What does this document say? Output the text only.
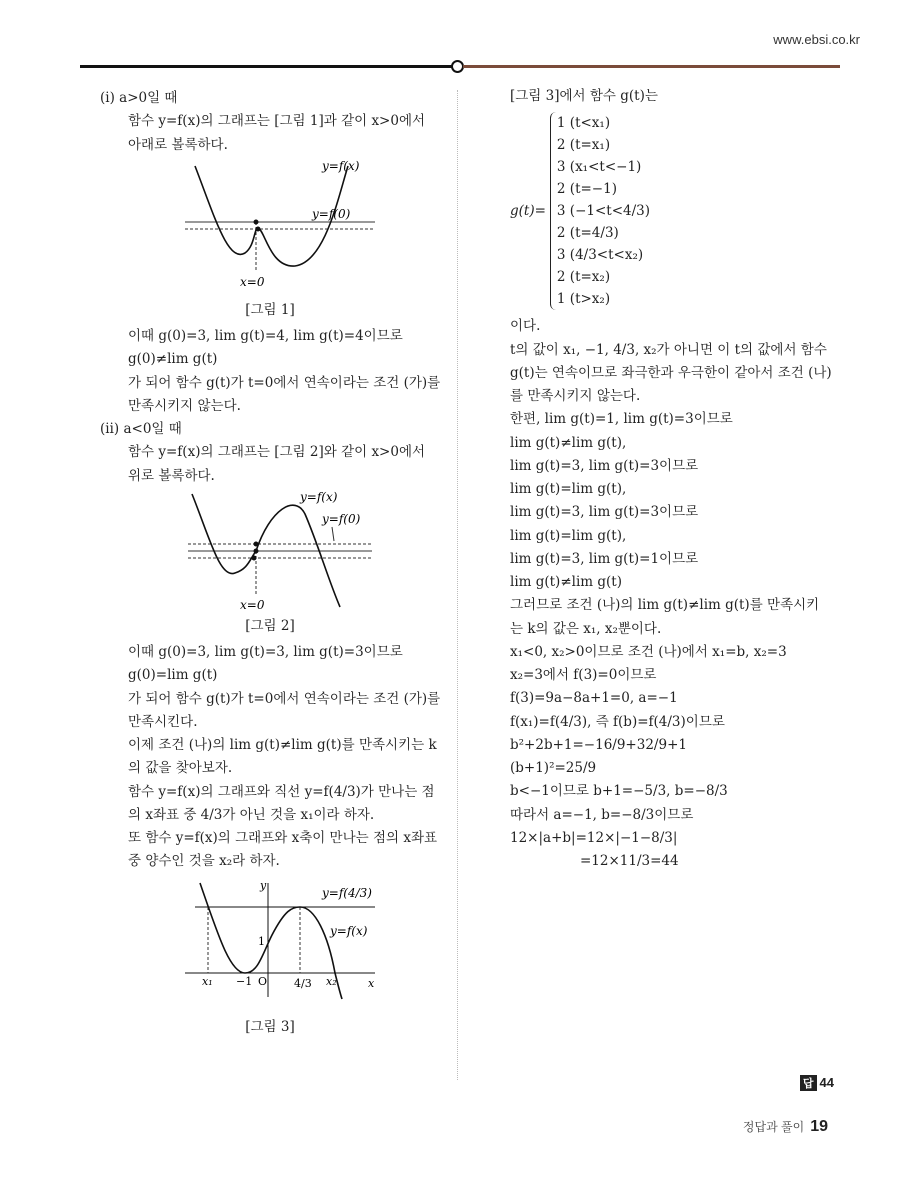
www.ebsi.co.kr

(ⅰ) a>0일 때

함수 y=f(x)의 그래프는 [그림 1]과 같이 x>0에서

아래로 볼록하다.

y=f(x)
y=f(0)
x=0
[그림 1]

이때 g(0)=3, lim g(t)=4, lim g(t)=4이므로

g(0)≠lim g(t)

가 되어 함수 g(t)가 t=0에서 연속이라는 조건 (가)를

만족시키지 않는다.

(ⅱ) a<0일 때

함수 y=f(x)의 그래프는 [그림 2]와 같이 x>0에서

위로 볼록하다.

y=f(x)
y=f(0)
x=0
[그림 2]

이때 g(0)=3, lim g(t)=3, lim g(t)=3이므로

g(0)=lim g(t)

가 되어 함수 g(t)가 t=0에서 연속이라는 조건 (가)를

만족시킨다.

이제 조건 (나)의 lim g(t)≠lim g(t)를 만족시키는 k

의 값을 찾아보자.

함수 y=f(x)의 그래프와 직선 y=f(4/3)가 만나는 점

의 x좌표 중 4/3가 아닌 것을 x₁이라 하자.

또 함수 y=f(x)의 그래프와 x축이 만나는 점의 x좌표

중 양수인 것을 x₂라 하자.

y
y=f(4/3)
y=f(x)
1
x₁ −1 O 4/3 x₂	x
[그림 3]

[그림 3]에서 함수 g(t)는

g(t)=
1 (t<x₁)
2 (t=x₁)
3 (x₁<t<−1)
2 (t=−1)
3 (−1<t<4/3)
2 (t=4/3)
3 (4/3<t<x₂)
2 (t=x₂)
1 (t>x₂)

이다.

t의 값이 x₁, −1, 4/3, x₂가 아니면 이 t의 값에서 함수

g(t)는 연속이므로 좌극한과 우극한이 같아서 조건 (나)

를 만족시키지 않는다.

한편, lim g(t)=1, lim g(t)=3이므로

lim g(t)≠lim g(t),

lim g(t)=3, lim g(t)=3이므로

lim g(t)=lim g(t),

lim g(t)=3, lim g(t)=3이므로

lim g(t)=lim g(t),

lim g(t)=3, lim g(t)=1이므로

lim g(t)≠lim g(t)

그러므로 조건 (나)의 lim g(t)≠lim g(t)를 만족시키

는 k의 값은 x₁, x₂뿐이다.

x₁<0, x₂>0이므로 조건 (나)에서 x₁=b, x₂=3

x₂=3에서 f(3)=0이므로

f(3)=9a−8a+1=0, a=−1

f(x₁)=f(4/3), 즉 f(b)=f(4/3)이므로

b²+2b+1=−16/9+32/9+1

(b+1)²=25/9

b<−1이므로 b+1=−5/3, b=−8/3

따라서 a=−1, b=−8/3이므로

12×|a+b|=12×|−1−8/3|

=12×11/3=44

답 44
정답과 풀이 19
